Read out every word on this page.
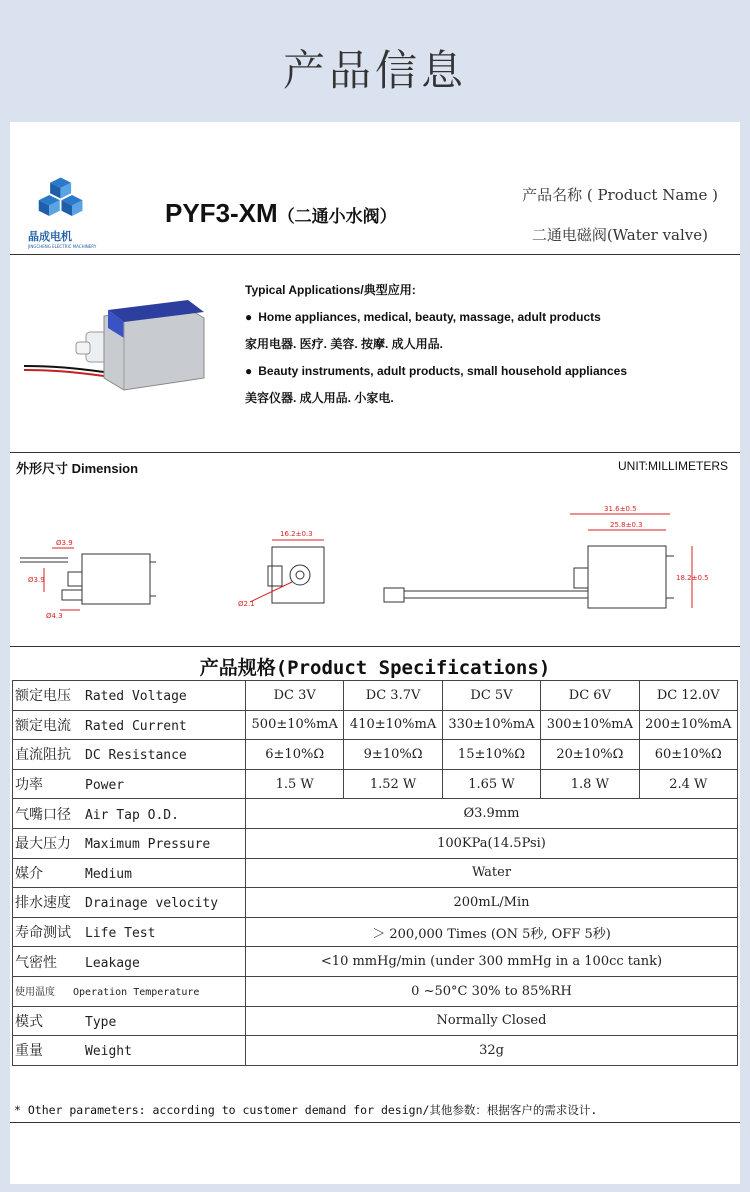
产品信息
晶成电机
JINGCHENG ELECTRIC MACHINERY
PYF3-XM（二通小水阀）
产品名称 ( Product Name )
二通电磁阀(Water valve)
Typical Applications/典型应用:
● Home appliances, medical, beauty, massage, adult products
家用电器. 医疗. 美容. 按摩. 成人用品.
● Beauty instruments, adult products, small household appliances
美容仪器. 成人用品. 小家电.
外形尺寸 Dimension	UNIT:MILLIMETERS
Ø3.9
Ø3.9
Ø4.3
16.2±0.3
Ø2.1
31.6±0.5
25.8±0.3
18.2±0.5
产品规格(Product Specifications)
额定电压 Rated Voltage	DC 3V	DC 3.7V	DC 5V	DC 6V	DC 12.0V
额定电流 Rated Current	500±10%mA	410±10%mA	330±10%mA	300±10%mA	200±10%mA
直流阻抗 DC Resistance	6±10%Ω	9±10%Ω	15±10%Ω	20±10%Ω	60±10%Ω
功率 Power	1.5 W	1.52 W	1.65 W	1.8 W	2.4 W
气嘴口径 Air Tap O.D.	Ø3.9mm				
最大压力 Maximum Pressure	100KPa(14.5Psi)				
媒介 Medium	Water				
排水速度 Drainage velocity	200mL/Min				
寿命测试 Life Test	＞ 200,000 Times (ON 5秒, OFF 5秒)				
气密性 Leakage	<10 mmHg/min (under 300 mmHg in a 100cc tank)				
使用温度 Operation Temperature	0 ~50°C 30% to 85%RH				
模式 Type	Normally Closed				
重量 Weight	32g				
* Other parameters: according to customer demand for design/其他参数：根据客户的需求设计.
